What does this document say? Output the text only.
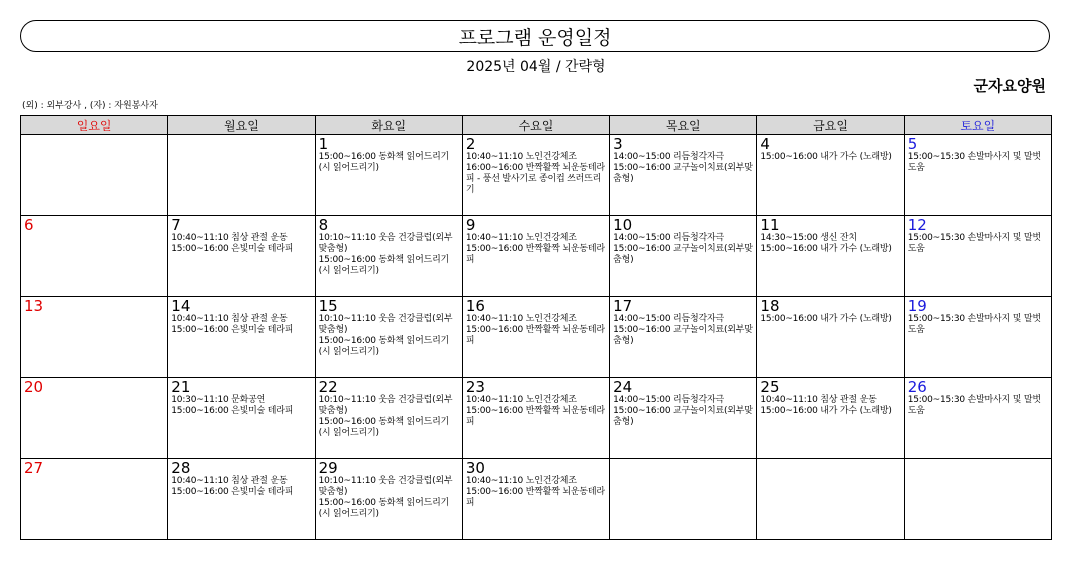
프로그램 운영일정
2025년 04월 / 간략형
군자요양원
(외) : 외부강사 , (자) : 자원봉사자
일요일	월요일	화요일	수요일	목요일	금요일	토요일

		1
15:00~16:00 동화책 읽어드리기(시 읽어드리기)	2
10:40~11:10 노인건강체조
16:00~16:00 반짝활짝 뇌운동테라피 - 풍선 발사기로 종이컵 쓰러뜨리기	3
14:00~15:00 리듬청각자극
15:00~16:00 교구놀이치료(외부맞춤형)	4
15:00~16:00 내가 가수 (노래방)	5
15:00~15:30 손발마사지 및 말벗도움

6	7
10:40~11:10 침상 관절 운동
15:00~16:00 은빛미술 테라피	8
10:10~11:10 웃음 건강클럽(외부맞춤형)
15:00~16:00 동화책 읽어드리기(시 읽어드리기)	9
10:40~11:10 노인건강체조
15:00~16:00 반짝활짝 뇌운동테라피	10
14:00~15:00 리듬청각자극
15:00~16:00 교구놀이치료(외부맞춤형)	11
14:30~15:00 생신 잔치
15:00~16:00 내가 가수 (노래방)	12
15:00~15:30 손발마사지 및 말벗도움

13	14
10:40~11:10 침상 관절 운동
15:00~16:00 은빛미술 테라피	15
10:10~11:10 웃음 건강클럽(외부맞춤형)
15:00~16:00 동화책 읽어드리기(시 읽어드리기)	16
10:40~11:10 노인건강체조
15:00~16:00 반짝활짝 뇌운동테라피	17
14:00~15:00 리듬청각자극
15:00~16:00 교구놀이치료(외부맞춤형)	18
15:00~16:00 내가 가수 (노래방)	19
15:00~15:30 손발마사지 및 말벗도움

20	21
10:30~11:10 문화공연
15:00~16:00 은빛미술 테라피	22
10:10~11:10 웃음 건강클럽(외부맞춤형)
15:00~16:00 동화책 읽어드리기(시 읽어드리기)	23
10:40~11:10 노인건강체조
15:00~16:00 반짝활짝 뇌운동테라피	24
14:00~15:00 리듬청각자극
15:00~16:00 교구놀이치료(외부맞춤형)	25
10:40~11:10 침상 관절 운동
15:00~16:00 내가 가수 (노래방)	26
15:00~15:30 손발마사지 및 말벗도움

27	28
10:40~11:10 침상 관절 운동
15:00~16:00 은빛미술 테라피	29
10:10~11:10 웃음 건강클럽(외부맞춤형)
15:00~16:00 동화책 읽어드리기(시 읽어드리기)	30
10:40~11:10 노인건강체조
15:00~16:00 반짝활짝 뇌운동테라피			
